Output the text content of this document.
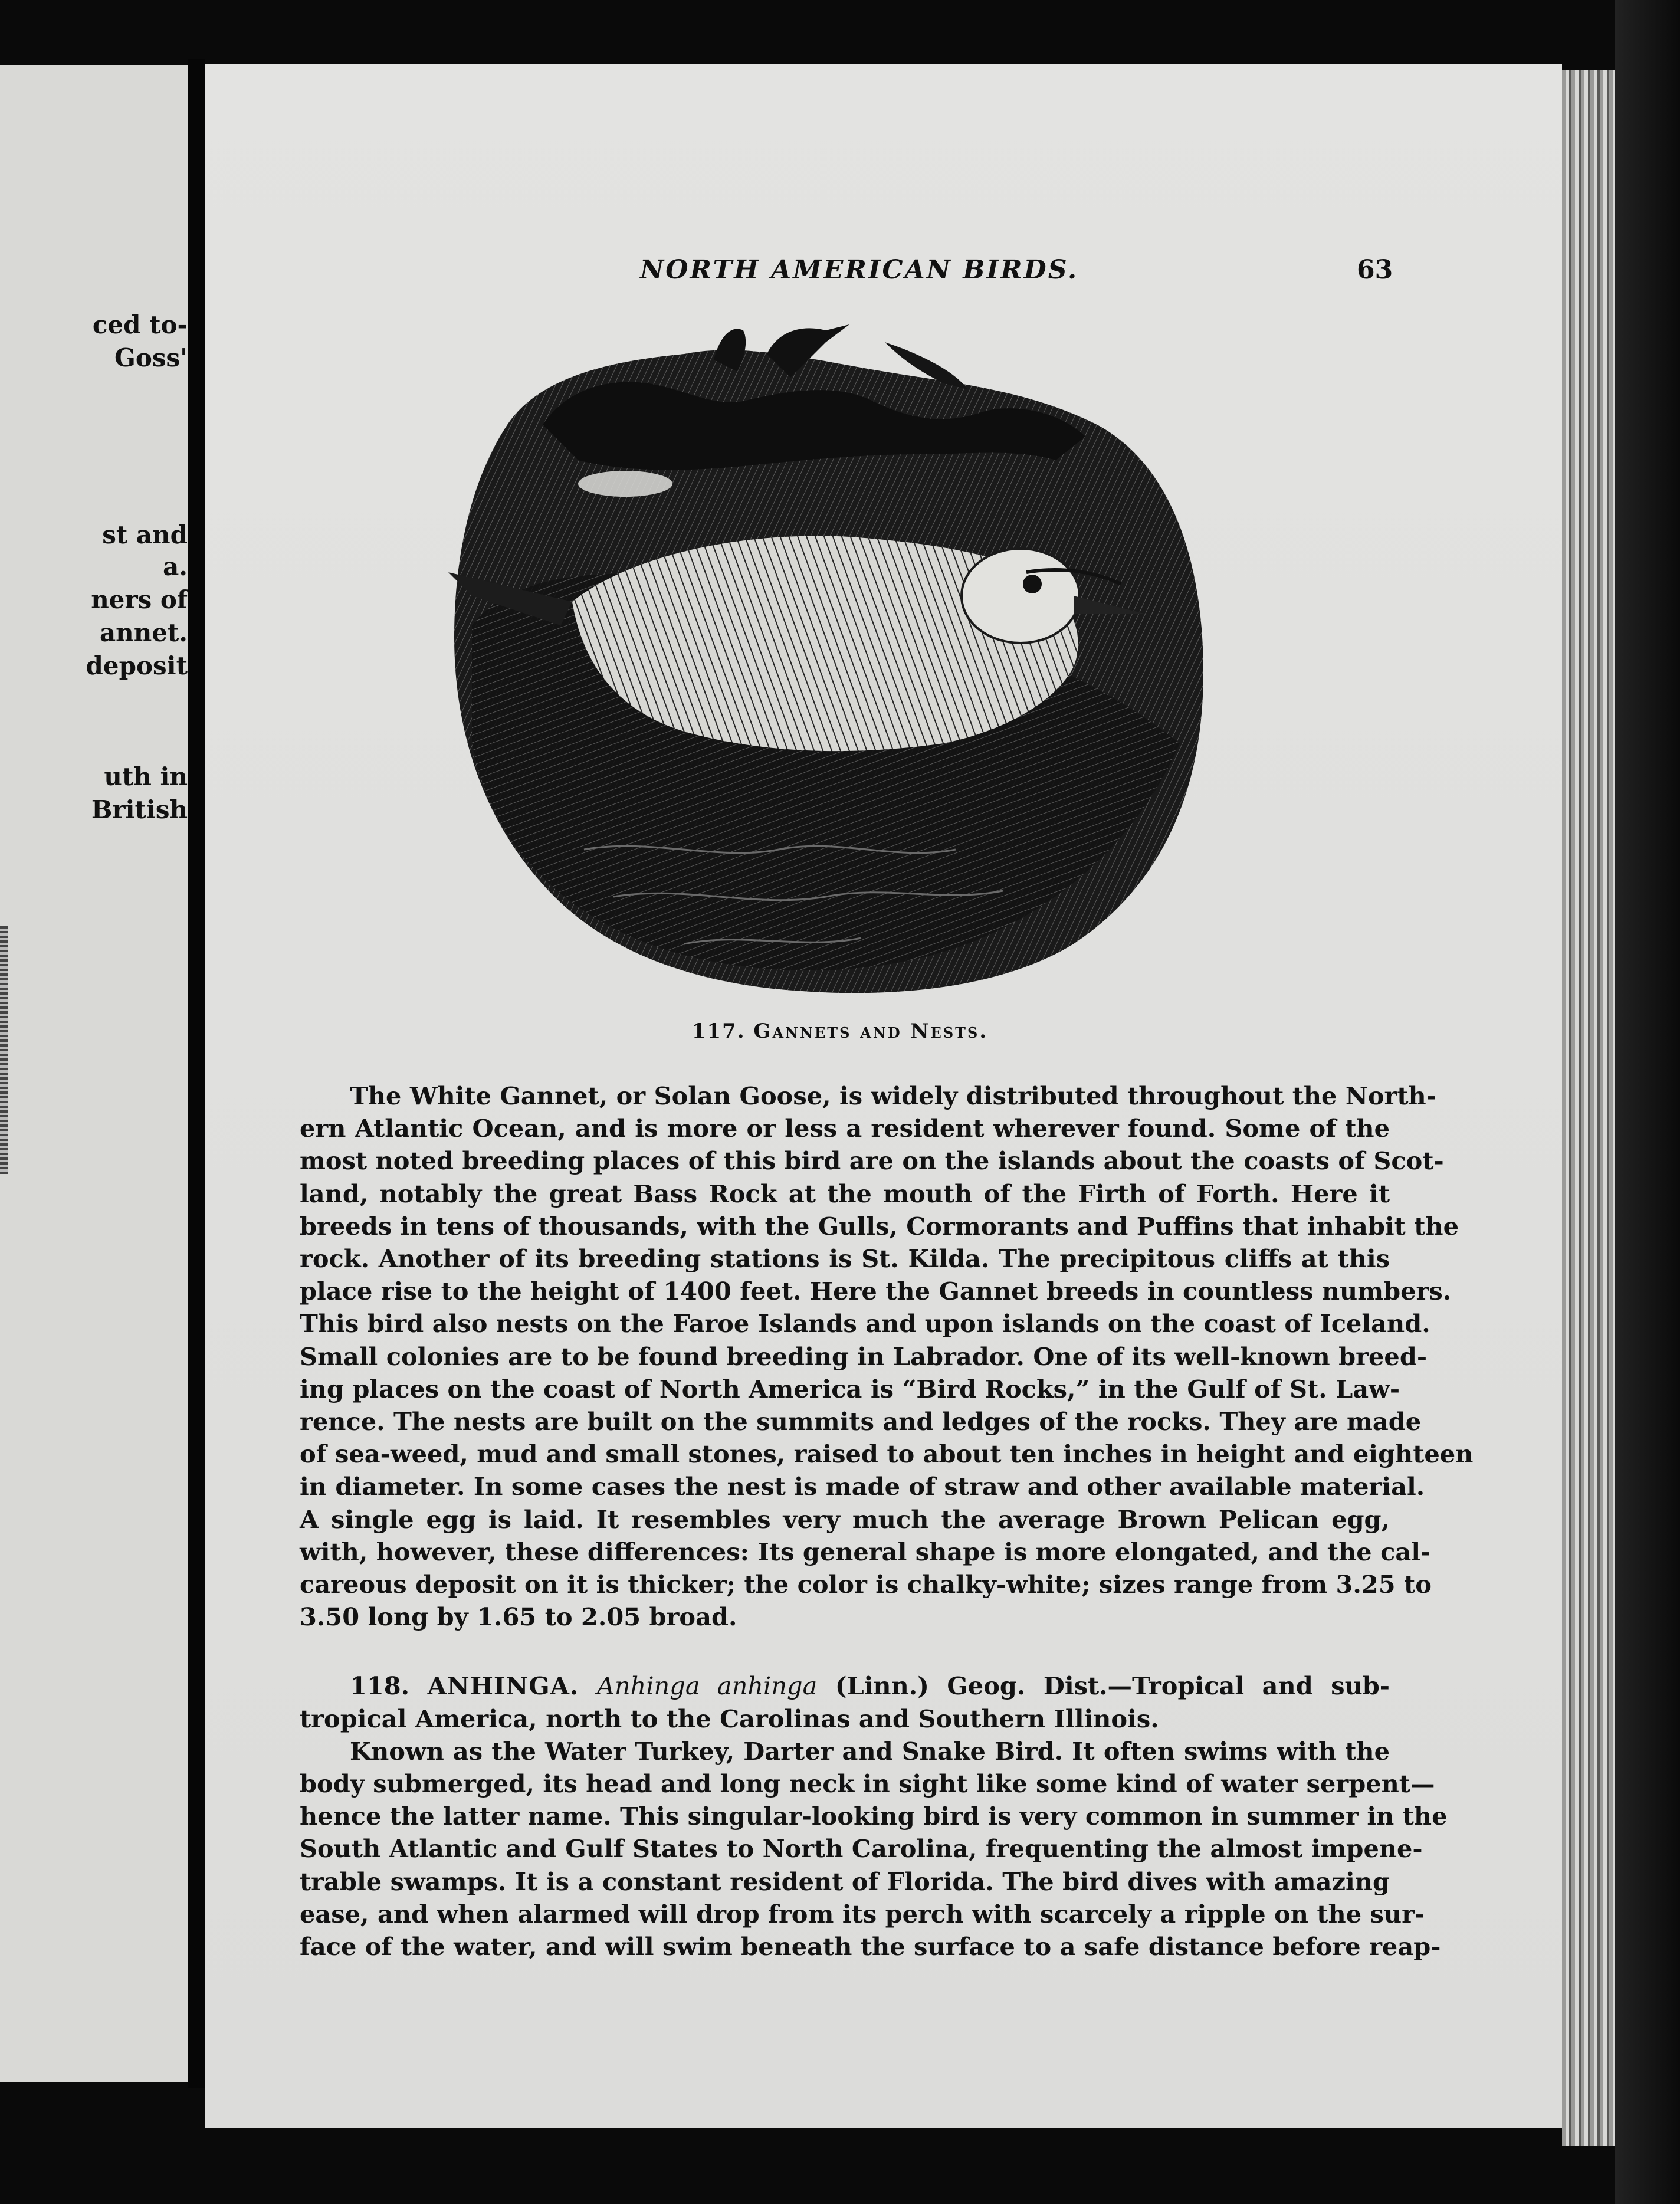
ced to-
Goss'
st and
a.
ners of
annet.
deposit
uth in
British
NORTH AMERICAN BIRDS.	63
117. Gannets and Nests.

The White Gannet, or Solan Goose, is widely distributed throughout the North-
ern Atlantic Ocean, and is more or less a resident wherever found. Some of the
most noted breeding places of this bird are on the islands about the coasts of Scot-
land, notably the great Bass Rock at the mouth of the Firth of Forth. Here it
breeds in tens of thousands, with the Gulls, Cormorants and Puffins that inhabit the
rock. Another of its breeding stations is St. Kilda. The precipitous cliffs at this
place rise to the height of 1400 feet. Here the Gannet breeds in countless numbers.
This bird also nests on the Faroe Islands and upon islands on the coast of Iceland.
Small colonies are to be found breeding in Labrador. One of its well-known breed-
ing places on the coast of North America is “Bird Rocks,” in the Gulf of St. Law-
rence. The nests are built on the summits and ledges of the rocks. They are made
of sea-weed, mud and small stones, raised to about ten inches in height and eighteen
in diameter. In some cases the nest is made of straw and other available material.
A single egg is laid. It resembles very much the average Brown Pelican egg,
with, however, these differences: Its general shape is more elongated, and the cal-
careous deposit on it is thicker; the color is chalky-white; sizes range from 3.25 to
3.50 long by 1.65 to 2.05 broad.

118. ANHINGA. Anhinga anhinga (Linn.) Geog. Dist.—Tropical and sub-
tropical America, north to the Carolinas and Southern Illinois.
Known as the Water Turkey, Darter and Snake Bird. It often swims with the
body submerged, its head and long neck in sight like some kind of water serpent—
hence the latter name. This singular-looking bird is very common in summer in the
South Atlantic and Gulf States to North Carolina, frequenting the almost impene-
trable swamps. It is a constant resident of Florida. The bird dives with amazing
ease, and when alarmed will drop from its perch with scarcely a ripple on the sur-
face of the water, and will swim beneath the surface to a safe distance before reap-
